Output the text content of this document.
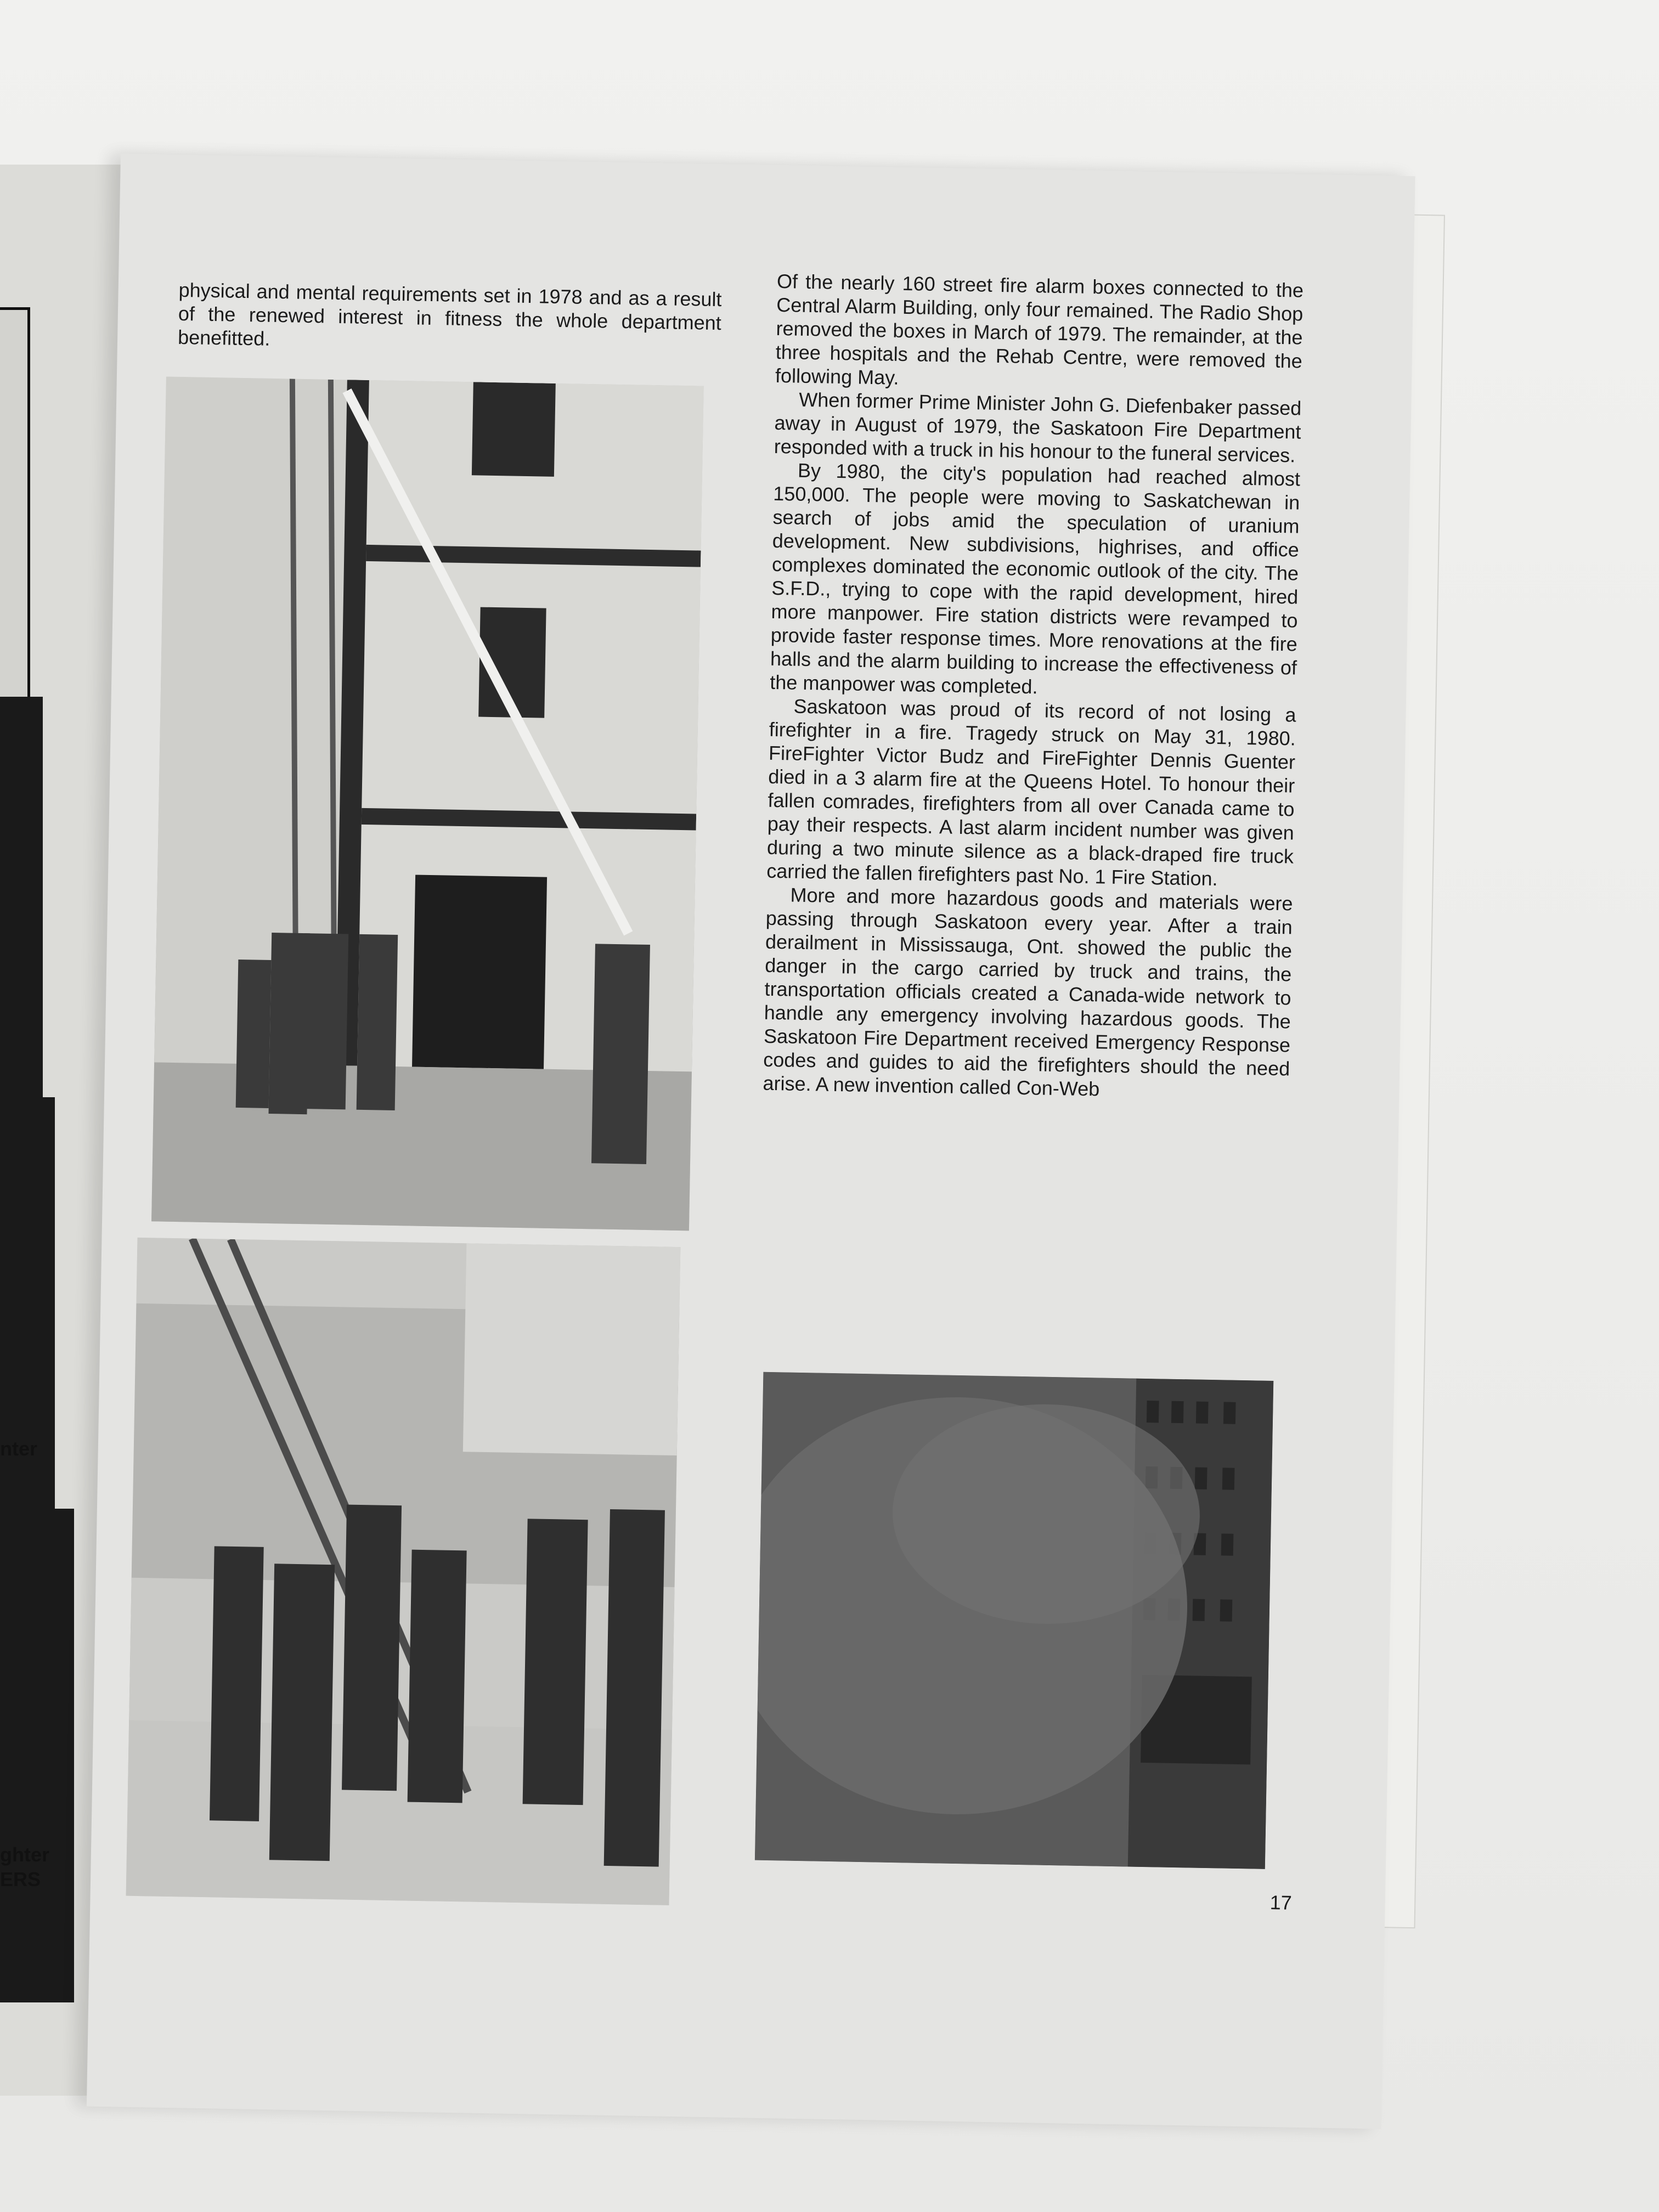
nter
ghter
ERS
physical and mental requirements set in 1978 and as a result of the renewed interest in fitness the whole department benefitted.

Of the nearly 160 street fire alarm boxes connected to the Central Alarm Building, only four remained. The Radio Shop removed the boxes in March of 1979. The remainder, at the three hospitals and the Rehab Centre, were removed the following May.

When former Prime Minister John G. Diefenbaker passed away in August of 1979, the Saskatoon Fire Department responded with a truck in his honour to the funeral services.

By 1980, the city's population had reached almost 150,000. The people were moving to Saskatchewan in search of jobs amid the speculation of uranium development. New subdivisions, highrises, and office complexes dominated the economic outlook of the city. The S.F.D., trying to cope with the rapid development, hired more manpower. Fire station districts were revamped to provide faster response times. More renovations at the fire halls and the alarm building to increase the effectiveness of the manpower was completed.

Saskatoon was proud of its record of not losing a firefighter in a fire. Tragedy struck on May 31, 1980. FireFighter Victor Budz and FireFighter Dennis Guenter died in a 3 alarm fire at the Queens Hotel. To honour their fallen comrades, firefighters from all over Canada came to pay their respects. A last alarm incident number was given during a two minute silence as a black-draped fire truck carried the fallen firefighters past No. 1 Fire Station.

More and more hazardous goods and materials were passing through Saskatoon every year. After a train derailment in Mississauga, Ont. showed the public the danger in the cargo carried by truck and trains, the transportation officials created a Canada-wide network to handle any emergency involving hazardous goods. The Saskatoon Fire Department received Emergency Response codes and guides to aid the firefighters should the need arise. A new invention called Con-Web

17
